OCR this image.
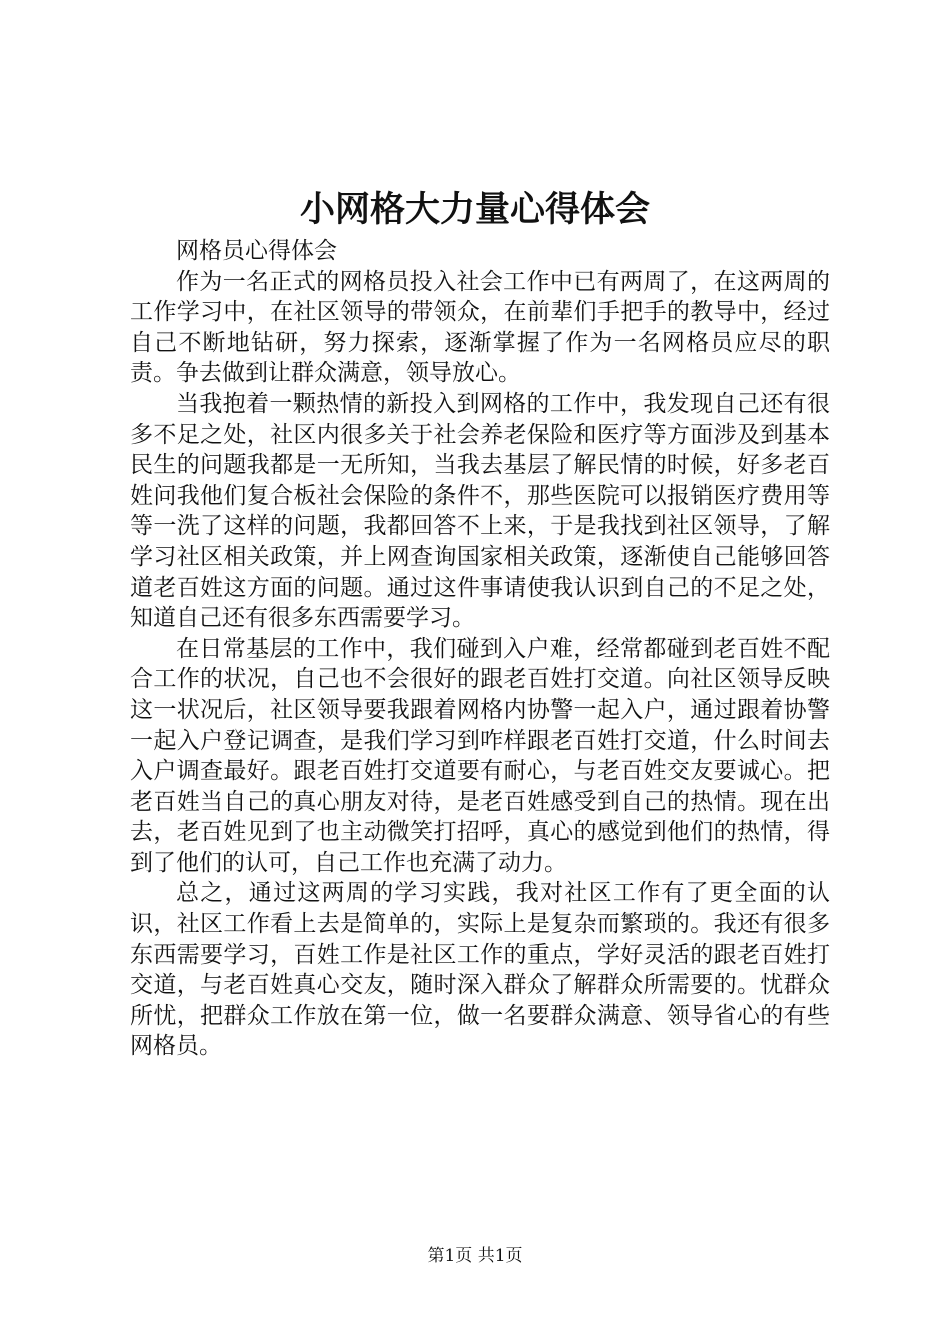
小网格大力量心得体会

网格员心得体会

作为一名正式的网格员投入社会工作中已有两周了，在这两周的工作学习中，在社区领导的带领众，在前辈们手把手的教导中，经过自己不断地钻研，努力探索，逐渐掌握了作为一名网格员应尽的职责。争去做到让群众满意，领导放心。

当我抱着一颗热情的新投入到网格的工作中，我发现自己还有很多不足之处，社区内很多关于社会养老保险和医疗等方面涉及到基本民生的问题我都是一无所知，当我去基层了解民情的时候，好多老百姓问我他们复合板社会保险的条件不，那些医院可以报销医疗费用等等一洗了这样的问题，我都回答不上来，于是我找到社区领导，了解学习社区相关政策，并上网查询国家相关政策，逐渐使自己能够回答道老百姓这方面的问题。通过这件事请使我认识到自己的不足之处，知道自己还有很多东西需要学习。

在日常基层的工作中，我们碰到入户难，经常都碰到老百姓不配合工作的状况，自己也不会很好的跟老百姓打交道。向社区领导反映这一状况后，社区领导要我跟着网格内协警一起入户，通过跟着协警一起入户登记调查，是我们学习到咋样跟老百姓打交道，什么时间去入户调查最好。跟老百姓打交道要有耐心，与老百姓交友要诚心。把老百姓当自己的真心朋友对待，是老百姓感受到自己的热情。现在出去，老百姓见到了也主动微笑打招呼，真心的感觉到他们的热情，得到了他们的认可，自己工作也充满了动力。

总之，通过这两周的学习实践，我对社区工作有了更全面的认识，社区工作看上去是简单的，实际上是复杂而繁琐的。我还有很多东西需要学习，百姓工作是社区工作的重点，学好灵活的跟老百姓打交道，与老百姓真心交友，随时深入群众了解群众所需要的。忧群众所忧，把群众工作放在第一位，做一名要群众满意、领导省心的有些网格员。

第1页 共1页
